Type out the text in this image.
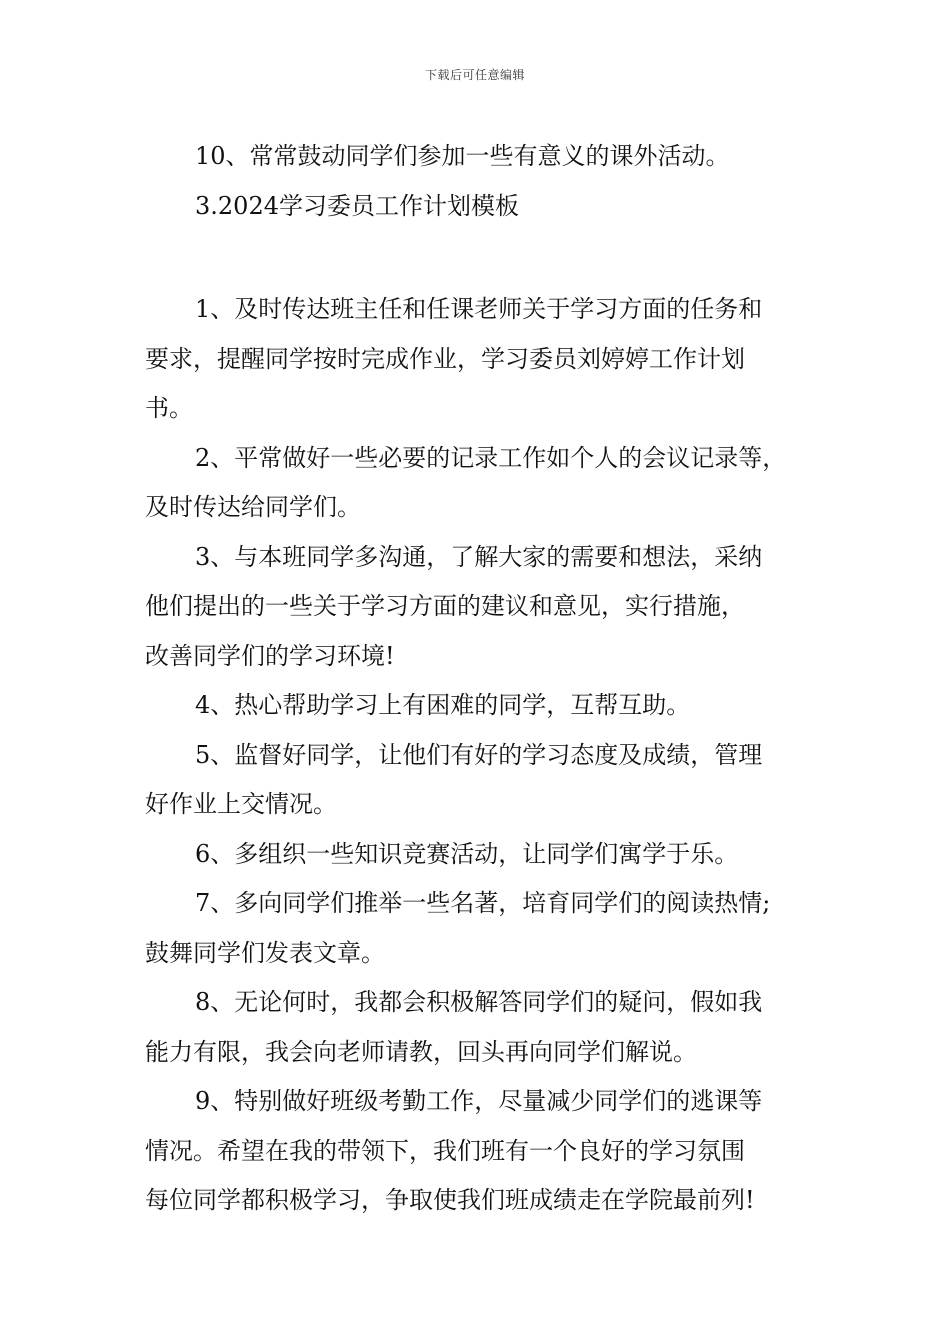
下载后可任意编辑
10、常常鼓动同学们参加一些有意义的课外活动。
3.2024学习委员工作计划模板
1、及时传达班主任和任课老师关于学习方面的任务和
要求，提醒同学按时完成作业，学习委员刘婷婷工作计划
书。
2、平常做好一些必要的记录工作如个人的会议记录等，
及时传达给同学们。
3、与本班同学多沟通，了解大家的需要和想法，采纳
他们提出的一些关于学习方面的建议和意见，实行措施，
改善同学们的学习环境!
4、热心帮助学习上有困难的同学，互帮互助。
5、监督好同学，让他们有好的学习态度及成绩，管理
好作业上交情况。
6、多组织一些知识竞赛活动，让同学们寓学于乐。
7、多向同学们推举一些名著，培育同学们的阅读热情;
鼓舞同学们发表文章。
8、无论何时，我都会积极解答同学们的疑问，假如我
能力有限，我会向老师请教，回头再向同学们解说。
9、特别做好班级考勤工作，尽量减少同学们的逃课等
情况。希望在我的带领下，我们班有一个良好的学习氛围
每位同学都积极学习，争取使我们班成绩走在学院最前列!
